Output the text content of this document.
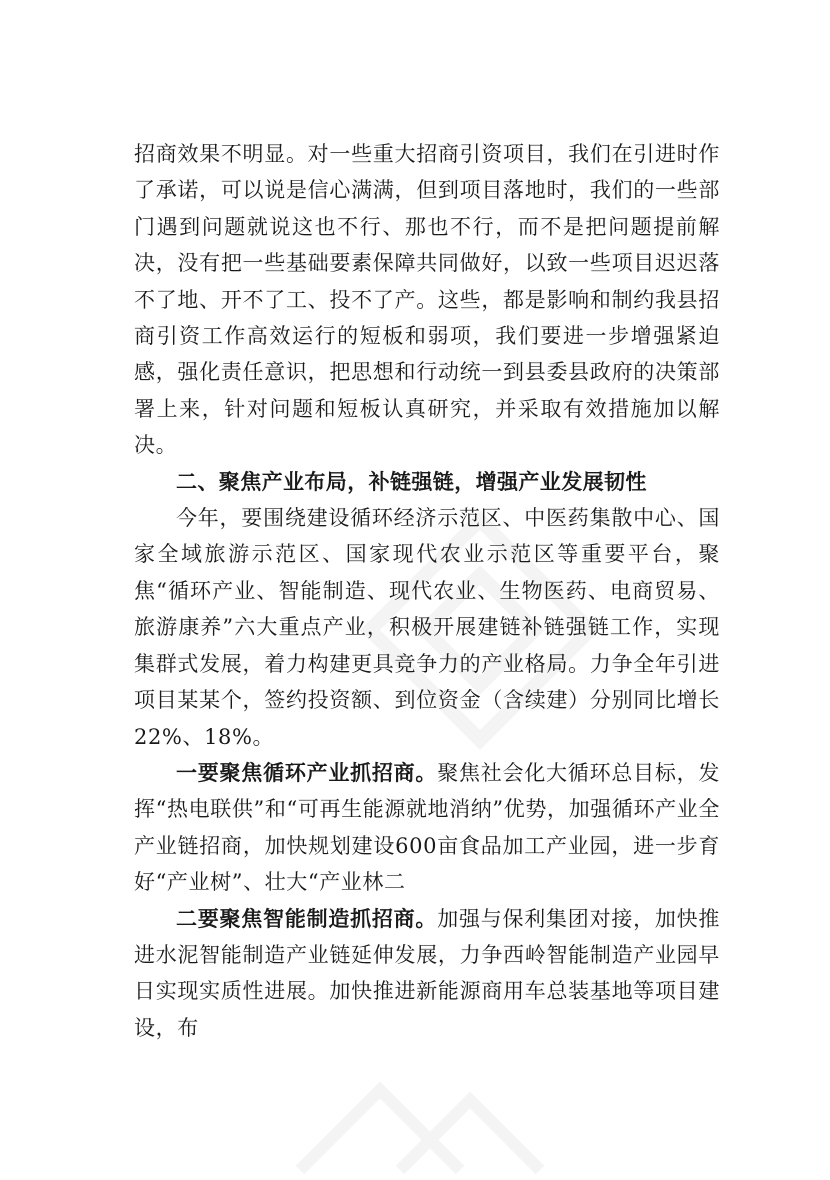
招商效果不明显。对一些重大招商引资项目，我们在引进时作了承诺，可以说是信心满满，但到项目落地时，我们的一些部门遇到问题就说这也不行、那也不行，而不是把问题提前解决，没有把一些基础要素保障共同做好，以致一些项目迟迟落不了地、开不了工、投不了产。这些，都是影响和制约我县招商引资工作高效运行的短板和弱项，我们要进一步增强紧迫感，强化责任意识，把思想和行动统一到县委县政府的决策部署上来，针对问题和短板认真研究，并采取有效措施加以解决。

二、聚焦产业布局，补链强链，增强产业发展韧性

今年，要围绕建设循环经济示范区、中医药集散中心、国家全域旅游示范区、国家现代农业示范区等重要平台，聚焦“循环产业、智能制造、现代农业、生物医药、电商贸易、旅游康养”六大重点产业，积极开展建链补链强链工作，实现集群式发展，着力构建更具竞争力的产业格局。力争全年引进项目某某个，签约投资额、到位资金（含续建）分别同比增长22%、18%。

一要聚焦循环产业抓招商。聚焦社会化大循环总目标，发挥“热电联供”和“可再生能源就地消纳”优势，加强循环产业全产业链招商，加快规划建设600亩食品加工产业园，进一步育好“产业树”、壮大“产业林二

二要聚焦智能制造抓招商。加强与保利集团对接，加快推进水泥智能制造产业链延伸发展，力争西岭智能制造产业园早日实现实质性进展。加快推进新能源商用车总装基地等项目建设，布
